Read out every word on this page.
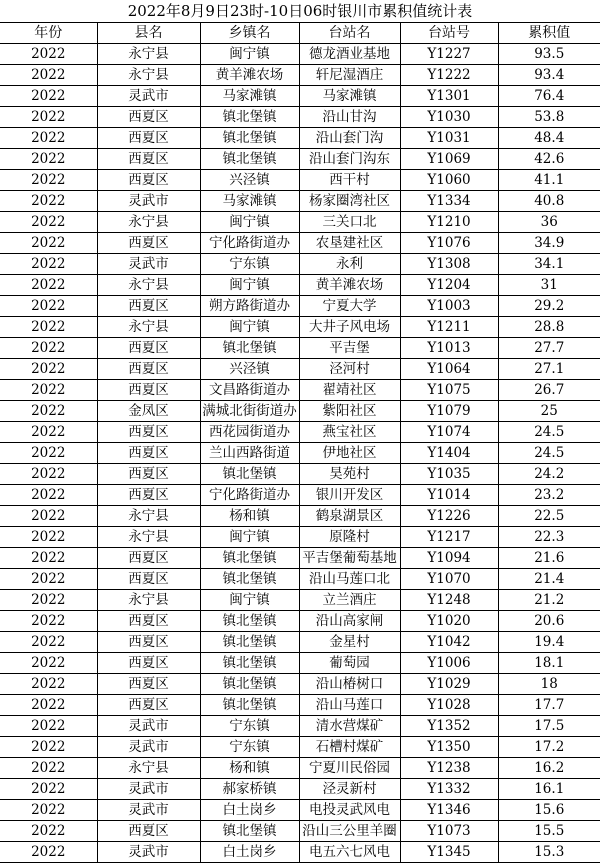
2022年8月9日23时-10日06时银川市累积值统计表
年份	县名	乡镇名	台站名	台站号	累积值
2022	永宁县	闽宁镇	德龙酒业基地	Y1227	93.5
2022	永宁县	黄羊滩农场	轩尼湿酒庄	Y1222	93.4
2022	灵武市	马家滩镇	马家滩镇	Y1301	76.4
2022	西夏区	镇北堡镇	沿山甘沟	Y1030	53.8
2022	西夏区	镇北堡镇	沿山套门沟	Y1031	48.4
2022	西夏区	镇北堡镇	沿山套门沟东	Y1069	42.6
2022	西夏区	兴泾镇	西干村	Y1060	41.1
2022	灵武市	马家滩镇	杨家圈湾社区	Y1334	40.8
2022	永宁县	闽宁镇	三关口北	Y1210	36
2022	西夏区	宁化路街道办	农垦建社区	Y1076	34.9
2022	灵武市	宁东镇	永利	Y1308	34.1
2022	永宁县	闽宁镇	黄羊滩农场	Y1204	31
2022	西夏区	朔方路街道办	宁夏大学	Y1003	29.2
2022	永宁县	闽宁镇	大井子风电场	Y1211	28.8
2022	西夏区	镇北堡镇	平吉堡	Y1013	27.7
2022	西夏区	兴泾镇	泾河村	Y1064	27.1
2022	西夏区	文昌路街道办	翟靖社区	Y1075	26.7
2022	金凤区	满城北街街道办	紫阳社区	Y1079	25
2022	西夏区	西花园街道办	燕宝社区	Y1074	24.5
2022	西夏区	兰山西路街道	伊地社区	Y1404	24.5
2022	西夏区	镇北堡镇	昊苑村	Y1035	24.2
2022	西夏区	宁化路街道办	银川开发区	Y1014	23.2
2022	永宁县	杨和镇	鹤泉湖景区	Y1226	22.5
2022	永宁县	闽宁镇	原隆村	Y1217	22.3
2022	西夏区	镇北堡镇	平吉堡葡萄基地	Y1094	21.6
2022	西夏区	镇北堡镇	沿山马莲口北	Y1070	21.4
2022	永宁县	闽宁镇	立兰酒庄	Y1248	21.2
2022	西夏区	镇北堡镇	沿山高家闸	Y1020	20.6
2022	西夏区	镇北堡镇	金星村	Y1042	19.4
2022	西夏区	镇北堡镇	葡萄园	Y1006	18.1
2022	西夏区	镇北堡镇	沿山椿树口	Y1029	18
2022	西夏区	镇北堡镇	沿山马莲口	Y1028	17.7
2022	灵武市	宁东镇	清水营煤矿	Y1352	17.5
2022	灵武市	宁东镇	石槽村煤矿	Y1350	17.2
2022	永宁县	杨和镇	宁夏川民俗园	Y1238	16.2
2022	灵武市	郝家桥镇	泾灵新村	Y1332	16.1
2022	灵武市	白土岗乡	电投灵武风电	Y1346	15.6
2022	西夏区	镇北堡镇	沿山三公里羊圈	Y1073	15.5
2022	灵武市	白土岗乡	电五六七风电	Y1345	15.3
